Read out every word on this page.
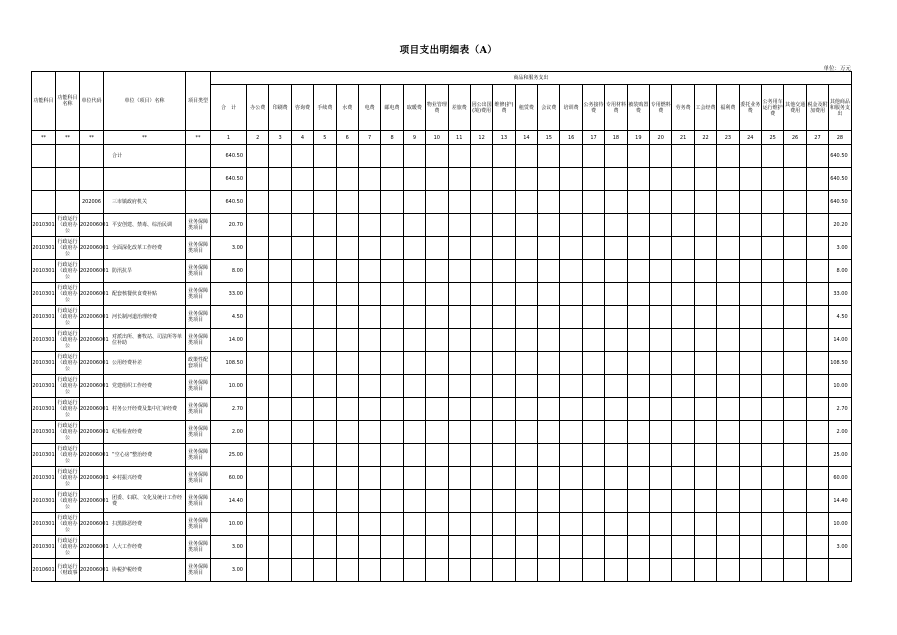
项目支出明细表（A）
单位：万元
功能科目	功能科目名称	单位代码	单位（项目）名称	项目类型	商品和服务支出																											
					合　计	办公费	印刷费	咨询费	手续费	水费	电费	邮电费	取暖费	物业管理费	差旅费	因公出国(境)费用	维修(护)费	租赁费	会议费	培训费	公务接待费	专用材料费	被装购置费	专用燃料费	劳务费	工会经费	福利费	委托业务费	公务用车运行维护费	其他交通费用	税金及附加费用	其他商品和服务支出
**	**	**	**	**	1	2	3	4	5	6	7	8	9	10	11	12	13	14	15	16	17	18	19	20	21	22	23	24	25	26	27	28
			合计		640.50																											640.50
					640.50																											640.50
		202006	三市镇政府机关		640.50																											640.50
2010301	行政运行（政府办公	202006001	平安创建、禁毒、综治民调	业务保障类项目	20.70																											20.20
2010301	行政运行（政府办公	202006001	全面深化改革工作经费	业务保障类项目	3.00																											3.00
2010301	行政运行（政府办公	202006001	防汛抗旱	业务保障类项目	8.00																											8.00
2010301	行政运行（政府办公	202006001	配套核餐伙食费补贴	业务保障类项目	33.00																											33.00
2010301	行政运行（政府办公	202006001	河长制河道治理经费	业务保障类项目	4.50																											4.50
2010301	行政运行（政府办公	202006001	对派出所、畜牧站、司法所等单位补助	业务保障类项目	14.00																											14.00
2010301	行政运行（政府办公	202006001	公用经费补差	政策性配套项目	108.50																											108.50
2010301	行政运行（政府办公	202006001	党建组织工作经费	业务保障类项目	10.00																											10.00
2010301	行政运行（政府办公	202006001	村务公开经费及集中汇审经费	业务保障类项目	2.70																											2.70
2010301	行政运行（政府办公	202006001	纪检检查经费	业务保障类项目	2.00																											2.00
2010301	行政运行（政府办公	202006001	“空心房”整治经费	业务保障类项目	25.00																											25.00
2010301	行政运行（政府办公	202006001	乡村振兴经费	业务保障类项目	60.00																											60.00
2010301	行政运行（政府办公	202006001	团委、妇联、文化及统计工作经费	业务保障类项目	14.40																											14.40
2010301	行政运行（政府办公	202006001	扫黑除恶经费	业务保障类项目	10.00																											10.00
2010301	行政运行（政府办公	202006001	人大工作经费	业务保障类项目	3.00																											3.00
2010601	行政运行（财政事	202006001	协税护税经费	业务保障类项目	3.00																											
